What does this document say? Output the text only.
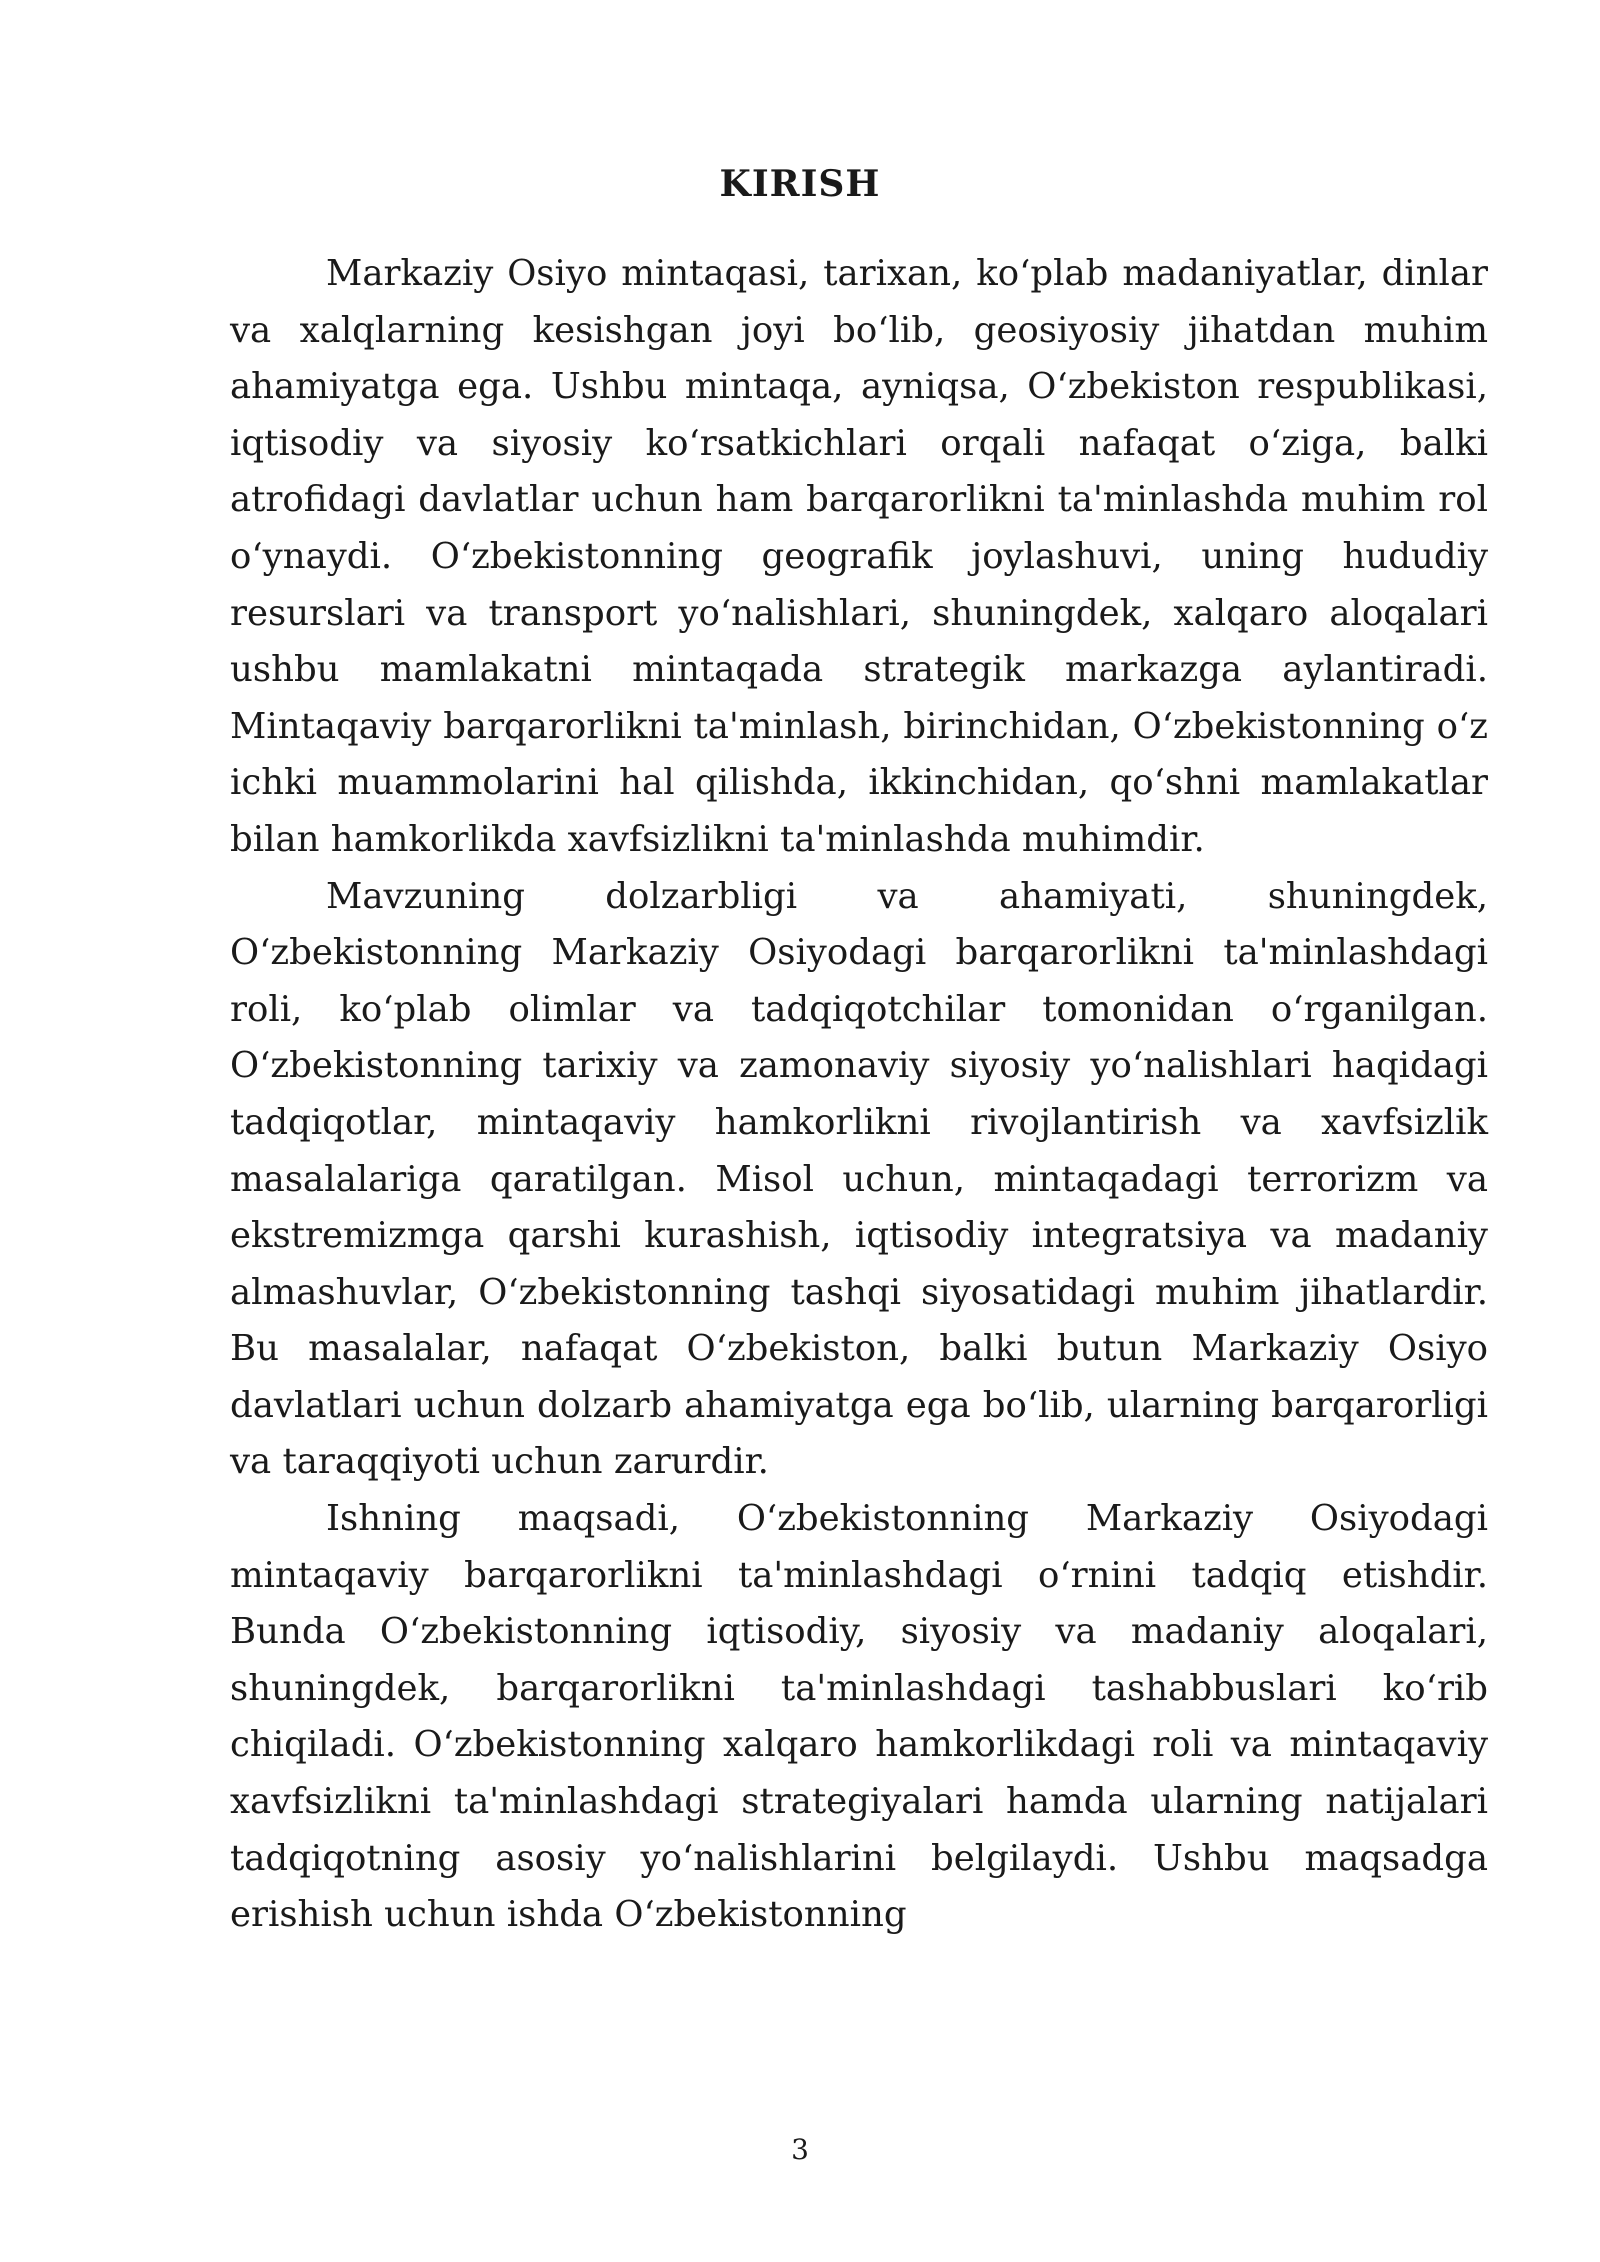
KIRISH

Markaziy Osiyo mintaqasi, tarixan, koʻplab madaniyatlar, dinlar va xalqlarning kesishgan joyi boʻlib, geosiyosiy jihatdan muhim ahamiyatga ega. Ushbu mintaqa, ayniqsa, Oʻzbekiston respublikasi, iqtisodiy va siyosiy koʻrsatkichlari orqali nafaqat oʻziga, balki atrofidagi davlatlar uchun ham barqarorlikni ta'minlashda muhim rol oʻynaydi. Oʻzbekistonning geografik joylashuvi, uning hududiy resurslari va transport yoʻnalishlari, shuningdek, xalqaro aloqalari ushbu mamlakatni mintaqada strategik markazga aylantiradi. Mintaqaviy barqarorlikni ta'minlash, birinchidan, Oʻzbekistonning oʻz ichki muammolarini hal qilishda, ikkinchidan, qoʻshni mamlakatlar bilan hamkorlikda xavfsizlikni ta'minlashda muhimdir.

Mavzuning dolzarbligi va ahamiyati, shuningdek, Oʻzbekistonning Markaziy Osiyodagi barqarorlikni ta'minlashdagi roli, koʻplab olimlar va tadqiqotchilar tomonidan oʻrganilgan. Oʻzbekistonning tarixiy va zamonaviy siyosiy yoʻnalishlari haqidagi tadqiqotlar, mintaqaviy hamkorlikni rivojlantirish va xavfsizlik masalalariga qaratilgan. Misol uchun, mintaqadagi terrorizm va ekstremizmga qarshi kurashish, iqtisodiy integratsiya va madaniy almashuvlar, Oʻzbekistonning tashqi siyosatidagi muhim jihatlardir. Bu masalalar, nafaqat Oʻzbekiston, balki butun Markaziy Osiyo davlatlari uchun dolzarb ahamiyatga ega boʻlib, ularning barqarorligi va taraqqiyoti uchun zarurdir.

Ishning maqsadi, Oʻzbekistonning Markaziy Osiyodagi mintaqaviy barqarorlikni ta'minlashdagi oʻrnini tadqiq etishdir. Bunda Oʻzbekistonning iqtisodiy, siyosiy va madaniy aloqalari, shuningdek, barqarorlikni ta'minlashdagi tashabbuslari koʻrib chiqiladi. Oʻzbekistonning xalqaro hamkorlikdagi roli va mintaqaviy xavfsizlikni ta'minlashdagi strategiyalari hamda ularning natijalari tadqiqotning asosiy yoʻnalishlarini belgilaydi. Ushbu maqsadga erishish uchun ishda Oʻzbekistonning

3
